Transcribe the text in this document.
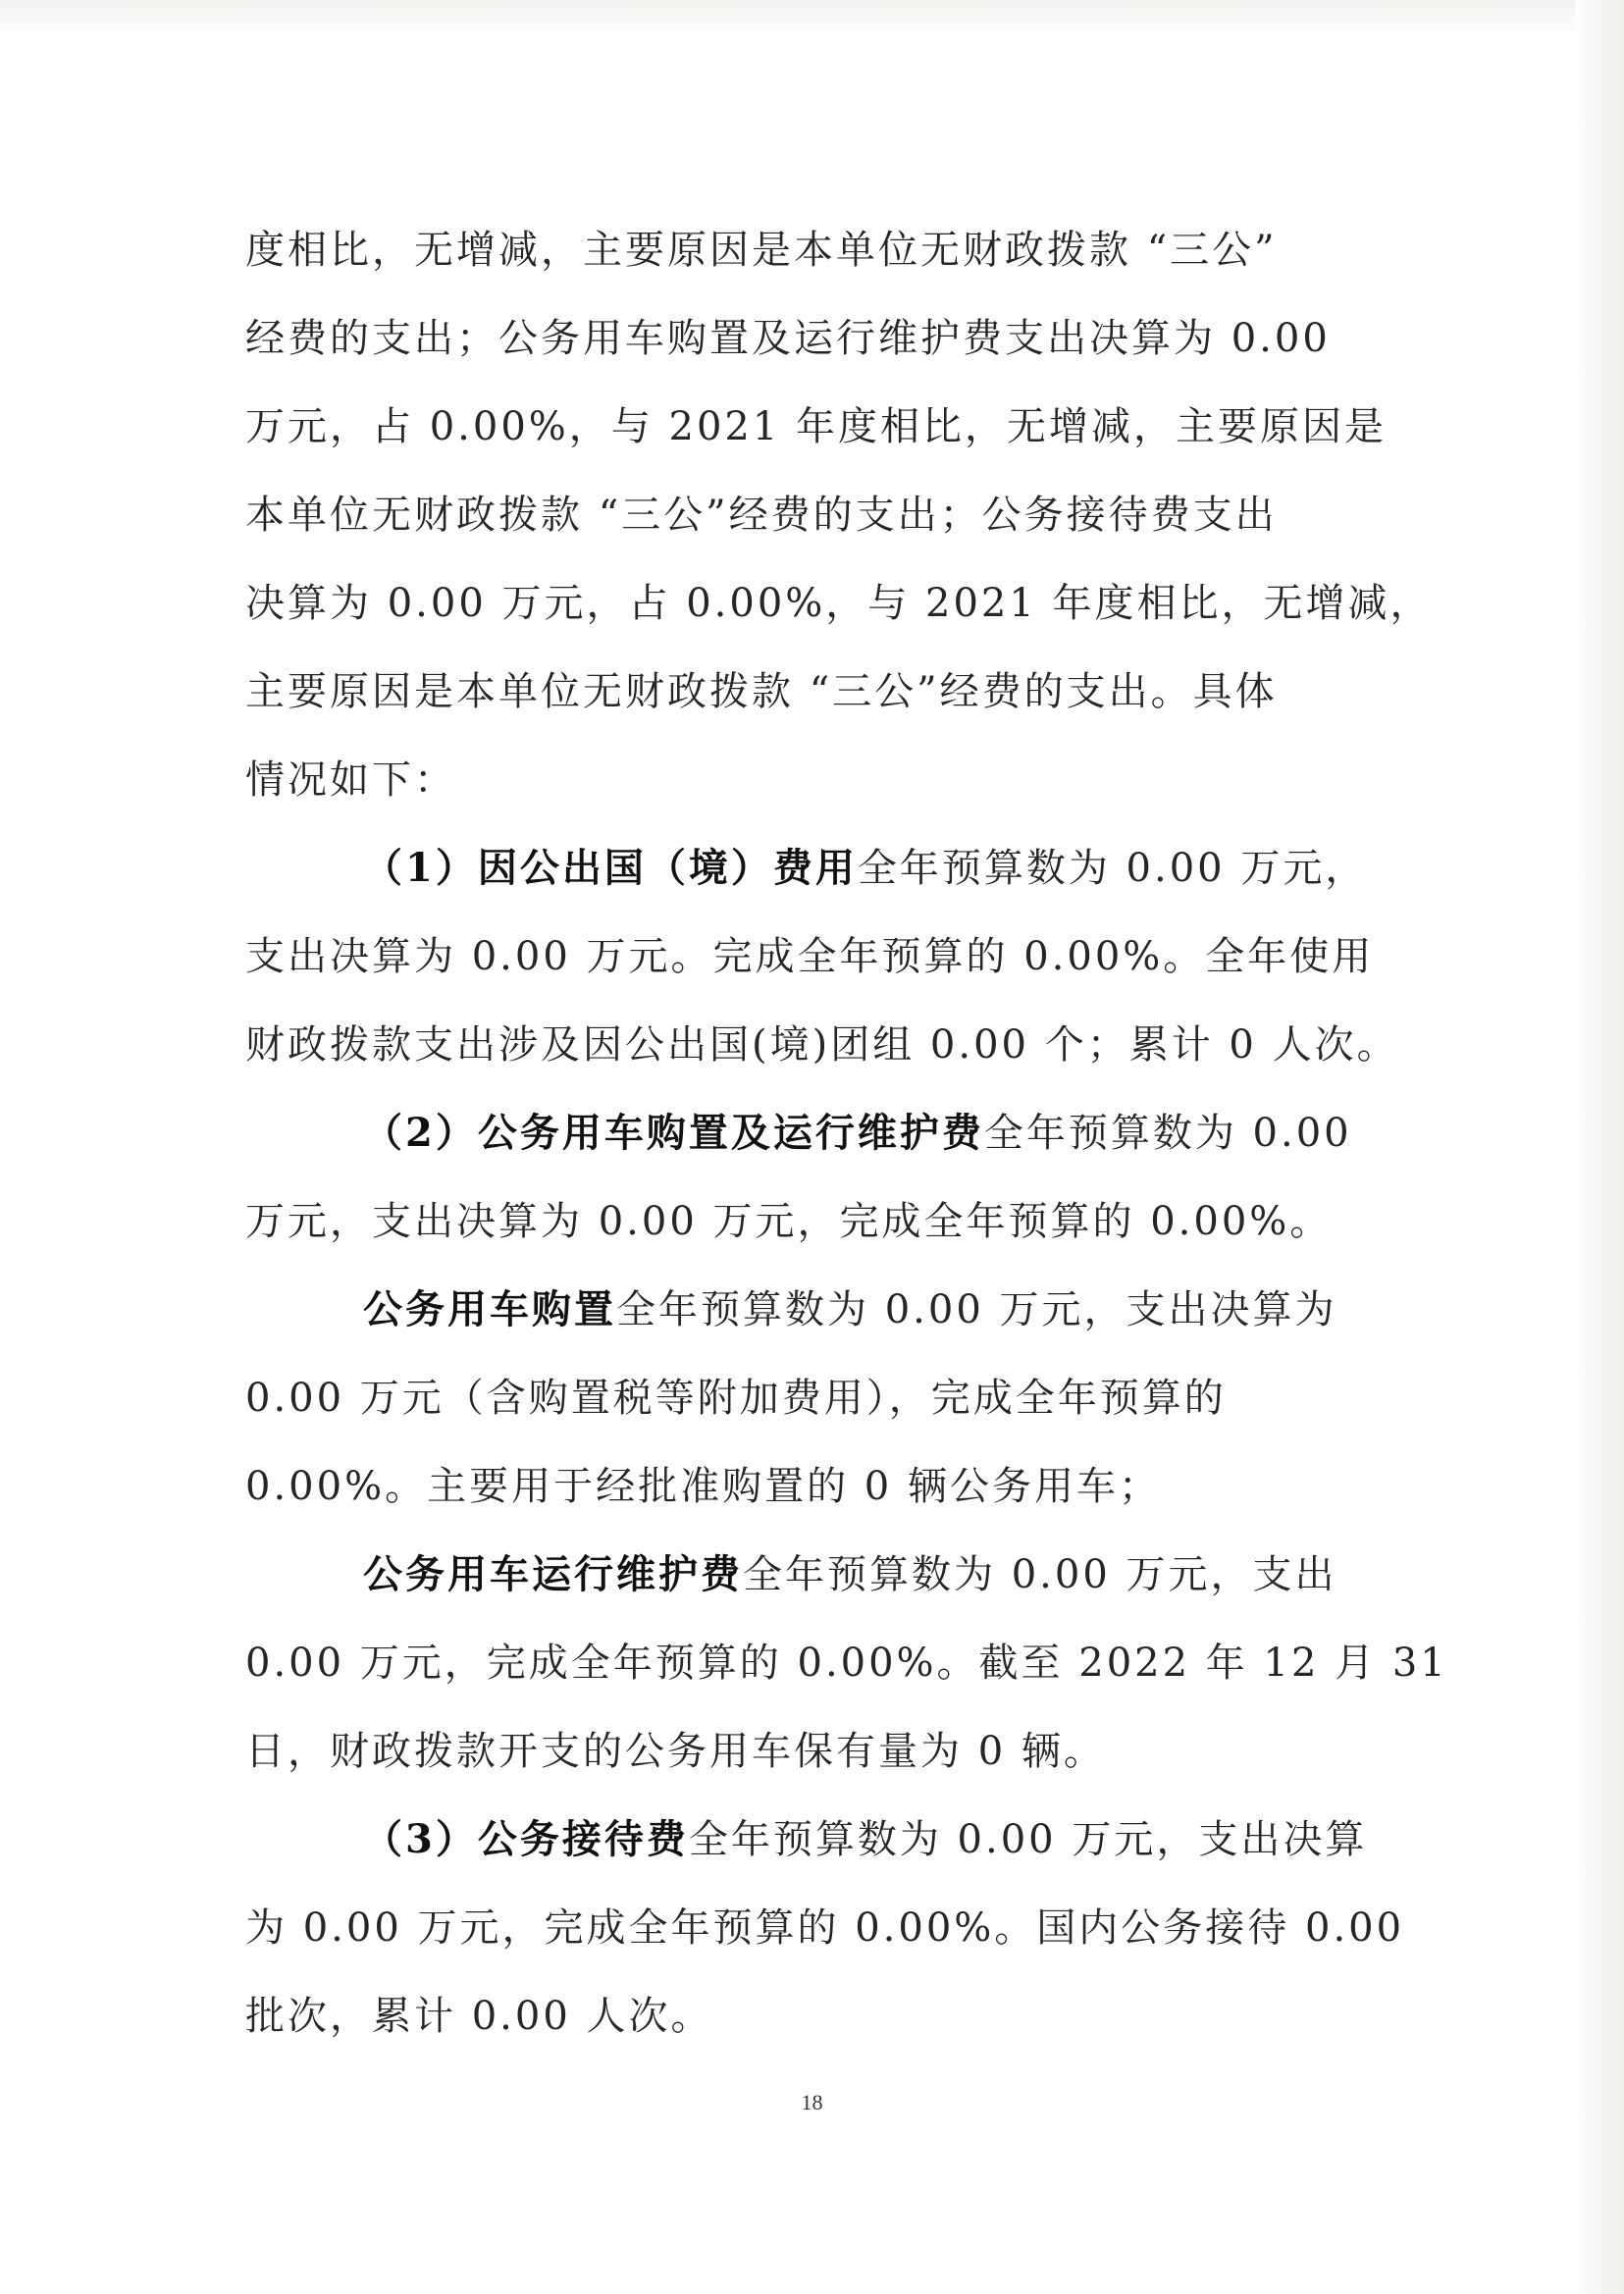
度相比，无增减，主要原因是本单位无财政拨款 “三公”
经费的支出；公务用车购置及运行维护费支出决算为 0.00
万元，占 0.00%，与 2021 年度相比，无增减，主要原因是
本单位无财政拨款 “三公”经费的支出；公务接待费支出
决算为 0.00 万元，占 0.00%，与 2021 年度相比，无增减，
主要原因是本单位无财政拨款 “三公”经费的支出。具体
情况如下：
（1）因公出国（境）费用全年预算数为 0.00 万元，
支出决算为 0.00 万元。完成全年预算的 0.00%。全年使用
财政拨款支出涉及因公出国(境)团组 0.00 个；累计 0 人次。
（2）公务用车购置及运行维护费全年预算数为 0.00
万元，支出决算为 0.00 万元，完成全年预算的 0.00%。
公务用车购置全年预算数为 0.00 万元，支出决算为
0.00 万元（含购置税等附加费用），完成全年预算的
0.00%。主要用于经批准购置的 0 辆公务用车；
公务用车运行维护费全年预算数为 0.00 万元，支出
0.00 万元，完成全年预算的 0.00%。截至 2022 年 12 月 31
日，财政拨款开支的公务用车保有量为 0 辆。
（3）公务接待费全年预算数为 0.00 万元，支出决算
为 0.00 万元，完成全年预算的 0.00%。国内公务接待 0.00
批次，累计 0.00 人次。
18
